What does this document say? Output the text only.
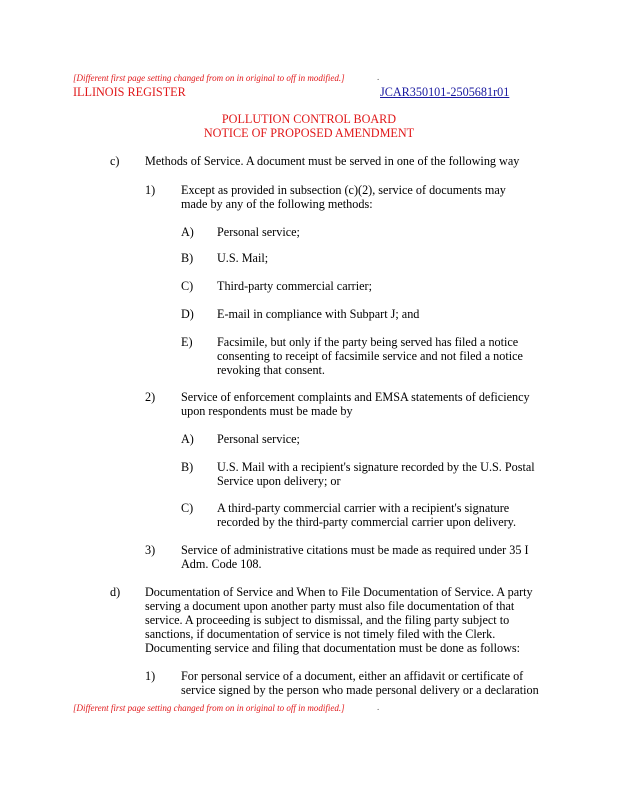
[Different first page setting changed from on in original to off in modified.]	.
ILLINOIS REGISTER	JCAR350101-2505681r01
POLLUTION CONTROL BOARD
NOTICE OF PROPOSED AMENDMENT
c) Methods of Service. A document must be served in one of the following way
1) Except as provided in subsection (c)(2), service of documents may
made by any of the following methods:
A) Personal service;
B) U.S. Mail;
C) Third-party commercial carrier;
D) E-mail in compliance with Subpart J; and
E) Facsimile, but only if the party being served has filed a notice
consenting to receipt of facsimile service and not filed a notice
revoking that consent.
2) Service of enforcement complaints and EMSA statements of deficiency
upon respondents must be made by
A) Personal service;
B) U.S. Mail with a recipient's signature recorded by the U.S. Postal
Service upon delivery; or
C) A third-party commercial carrier with a recipient's signature
recorded by the third-party commercial carrier upon delivery.
3) Service of administrative citations must be made as required under 35 I
Adm. Code 108.
d) Documentation of Service and When to File Documentation of Service. A party
serving a document upon another party must also file documentation of that
service. A proceeding is subject to dismissal, and the filing party subject to
sanctions, if documentation of service is not timely filed with the Clerk.
Documenting service and filing that documentation must be done as follows:
1) For personal service of a document, either an affidavit or certificate of
service signed by the person who made personal delivery or a declaration
[Different first page setting changed from on in original to off in modified.]	.
